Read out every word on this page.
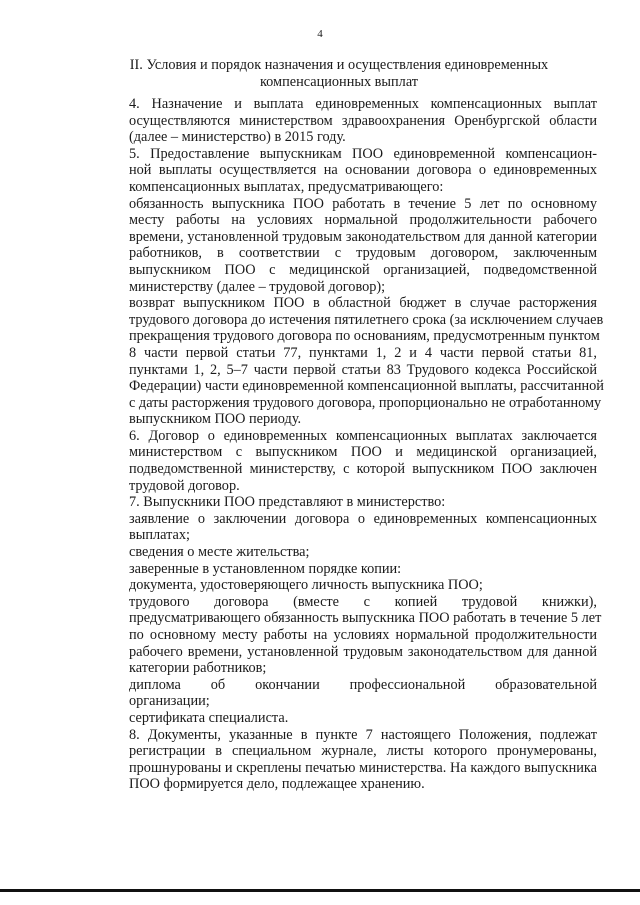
4
II. Условия и порядок назначения и осуществления единовременных
компенсационных выплат
4. Назначение и выплата единовременных компенсационных выплат
осуществляются министерством здравоохранения Оренбургской области
(далее – министерство) в 2015 году.
5. Предоставление выпускникам ПОО единовременной компенсацион-
ной выплаты осуществляется на основании договора о единовременных
компенсационных выплатах, предусматривающего:
обязанность выпускника ПОО работать в течение 5 лет по основному
месту работы на условиях нормальной продолжительности рабочего
времени, установленной трудовым законодательством для данной категории
работников, в соответствии с трудовым договором, заключенным
выпускником ПОО с медицинской организацией, подведомственной
министерству (далее – трудовой договор);
возврат выпускником ПОО в областной бюджет в случае расторжения
трудового договора до истечения пятилетнего срока (за исключением случаев
прекращения трудового договора по основаниям, предусмотренным пунктом
8 части первой статьи 77, пунктами 1, 2 и 4 части первой статьи 81,
пунктами 1, 2, 5–7 части первой статьи 83 Трудового кодекса Российской
Федерации) части единовременной компенсационной выплаты, рассчитанной
с даты расторжения трудового договора, пропорционально не отработанному
выпускником ПОО периоду.
6. Договор о единовременных компенсационных выплатах заключается
министерством с выпускником ПОО и медицинской организацией,
подведомственной министерству, с которой выпускником ПОО заключен
трудовой договор.
7. Выпускники ПОО представляют в министерство:
заявление о заключении договора о единовременных компенсационных
выплатах;
сведения о месте жительства;
заверенные в установленном порядке копии:
документа, удостоверяющего личность выпускника ПОО;
трудового договора (вместе с копией трудовой книжки),
предусматривающего обязанность выпускника ПОО работать в течение 5 лет
по основному месту работы на условиях нормальной продолжительности
рабочего времени, установленной трудовым законодательством для данной
категории работников;
диплома об окончании профессиональной образовательной
организации;
сертификата специалиста.
8. Документы, указанные в пункте 7 настоящего Положения, подлежат
регистрации в специальном журнале, листы которого пронумерованы,
прошнурованы и скреплены печатью министерства. На каждого выпускника
ПОО формируется дело, подлежащее хранению.
